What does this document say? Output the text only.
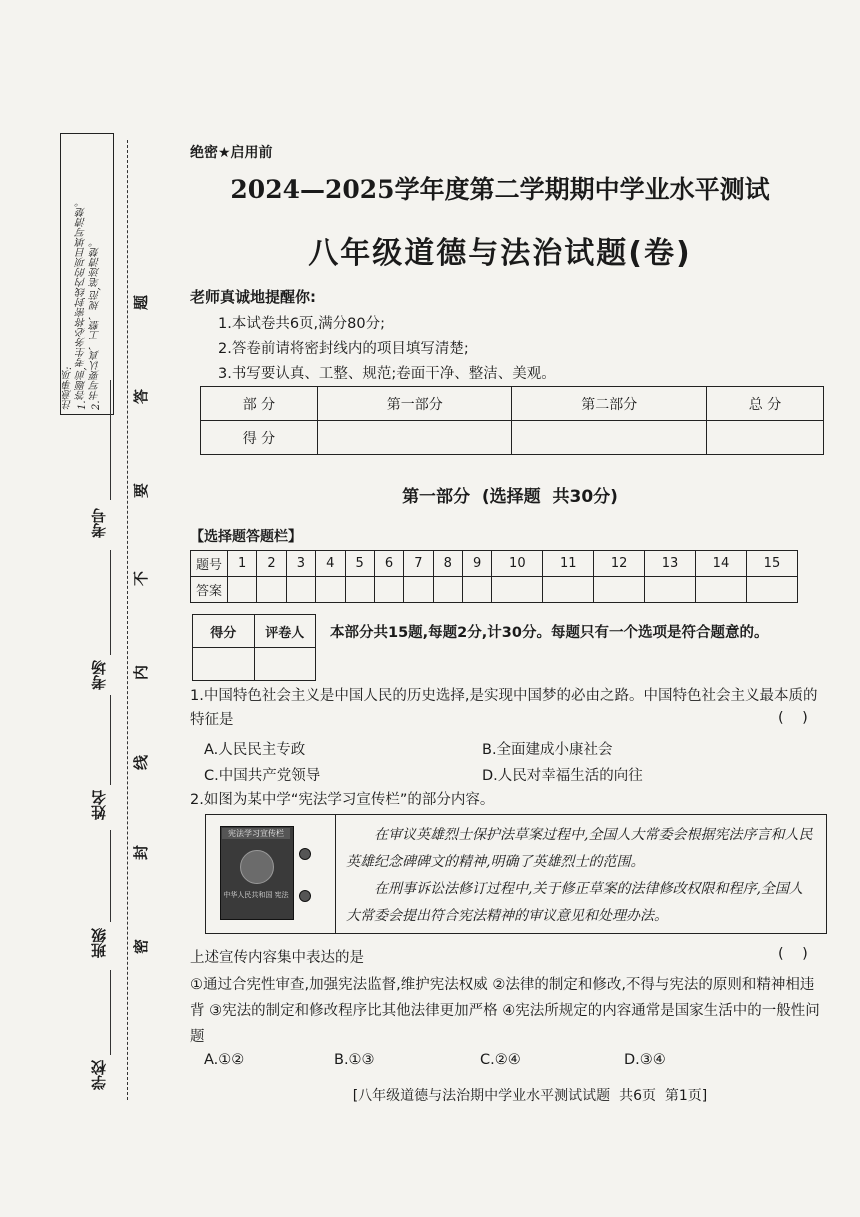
注意事项:
1.答题前,考生务必将密封线内的项目填写清楚。
2.书写要认真、工整、规范,笔迹清楚。	题
答
要
不
内
线
封
密
考号
考场
姓名
班级
学校
绝密★启用前
2024—2025学年度第二学期期中学业水平测试
八年级道德与法治试题(卷)
老师真诚地提醒你:
1.本试卷共6页,满分80分;
2.答卷前请将密封线内的项目填写清楚;
3.书写要认真、工整、规范;卷面干净、整洁、美观。
部 分	第一部分	第二部分	总 分
得 分			
第一部分  (选择题  共30分)
【选择题答题栏】
题号	1	2	3	4	5	6	7	8	9	10	11	12	13	14	15
答案															
得分	评卷人
	本部分共15题,每题2分,计30分。每题只有一个选项是符合题意的。
1.中国特色社会主义是中国人民的历史选择,是实现中国梦的必由之路。中国特色社会主义最本质的特征是	(    )
A.人民民主专政	B.全面建成小康社会
C.中国共产党领导	D.人民对幸福生活的向往
2.如图为某中学“宪法学习宣传栏”的部分内容。
宪法学习宣传栏
中华人民共和国 宪法
在审议英雄烈士保护法草案过程中,全国人大常委会根据宪法序言和人民英雄纪念碑碑文的精神,明确了英雄烈士的范围。
在刑事诉讼法修订过程中,关于修正草案的法律修改权限和程序,全国人大常委会提出符合宪法精神的审议意见和处理办法。
上述宣传内容集中表达的是	(    )
①通过合宪性审查,加强宪法监督,维护宪法权威 ②法律的制定和修改,不得与宪法的原则和精神相违背 ③宪法的制定和修改程序比其他法律更加严格 ④宪法所规定的内容通常是国家生活中的一般性问题
A.①②	B.①③	C.②④	D.③④
[八年级道德与法治期中学业水平测试试题  共6页  第1页]
